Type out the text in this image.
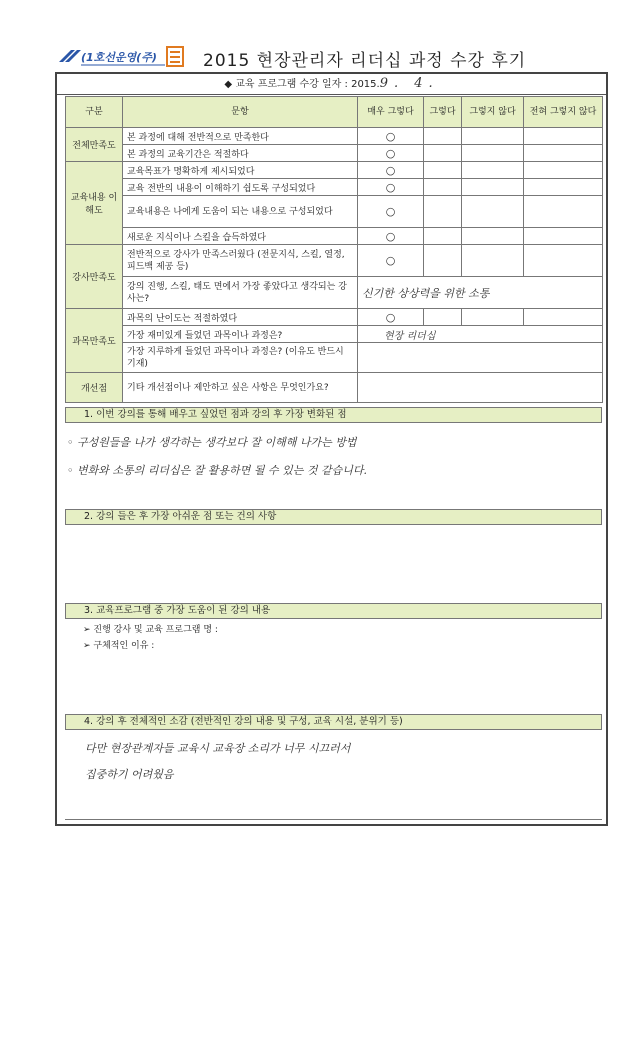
(1호선운영(주)	2015 현장관리자 리더십 과정 수강 후기
◆ 교육 프로그램 수강 일자 : 2015.9. 4.
구분	문항	매우 그렇다	그렇다	그렇지 않다	전혀 그렇지 않다
전체만족도	본 과정에 대해 전반적으로 만족한다	○			
	본 과정의 교육기간은 적절하다	○			
교육내용 이해도	교육목표가 명확하게 제시되었다	○			
	교육 전반의 내용이 이해하기 쉽도록 구성되었다	○			
	교육내용은 나에게 도움이 되는 내용으로 구성되었다	○			
	새로운 지식이나 스킬을 습득하였다	○			
강사만족도	전반적으로 강사가 만족스러웠다 (전문지식, 스킬, 열정, 피드백 제공 등)	○			
	강의 진행, 스킬, 태도 면에서 가장 좋았다고 생각되는 강사는?	신기한 상상력을 위한 소통			
과목만족도	과목의 난이도는 적절하였다	○			
	가장 재미있게 들었던 과목이나 과정은?	현장 리더십			
	가장 지루하게 들었던 과목이나 과정은? (이유도 반드시 기재)				
개선점	기타 개선점이나 제안하고 싶은 사항은 무엇인가요?				
1. 이번 강의를 통해 배우고 싶었던 점과 강의 후 가장 변화된 점
◦ 구성원들을 나가 생각하는 생각보다 잘 이해해 나가는 방법
◦ 변화와 소통의 리더십은 잘 활용하면 될 수 있는 것 같습니다.
2. 강의 들은 후 가장 아쉬운 점 또는 건의 사항
3. 교육프로그램 중 가장 도움이 된 강의 내용
➢ 진행 강사 및 교육 프로그램 명 :
➢ 구체적인 이유 :
4. 강의 후 전체적인 소감 (전반적인 강의 내용 및 구성, 교육 시설, 분위기 등)
다만 현장관계자들 교육시 교육장 소리가 너무 시끄러서
집중하기 어려웠음
